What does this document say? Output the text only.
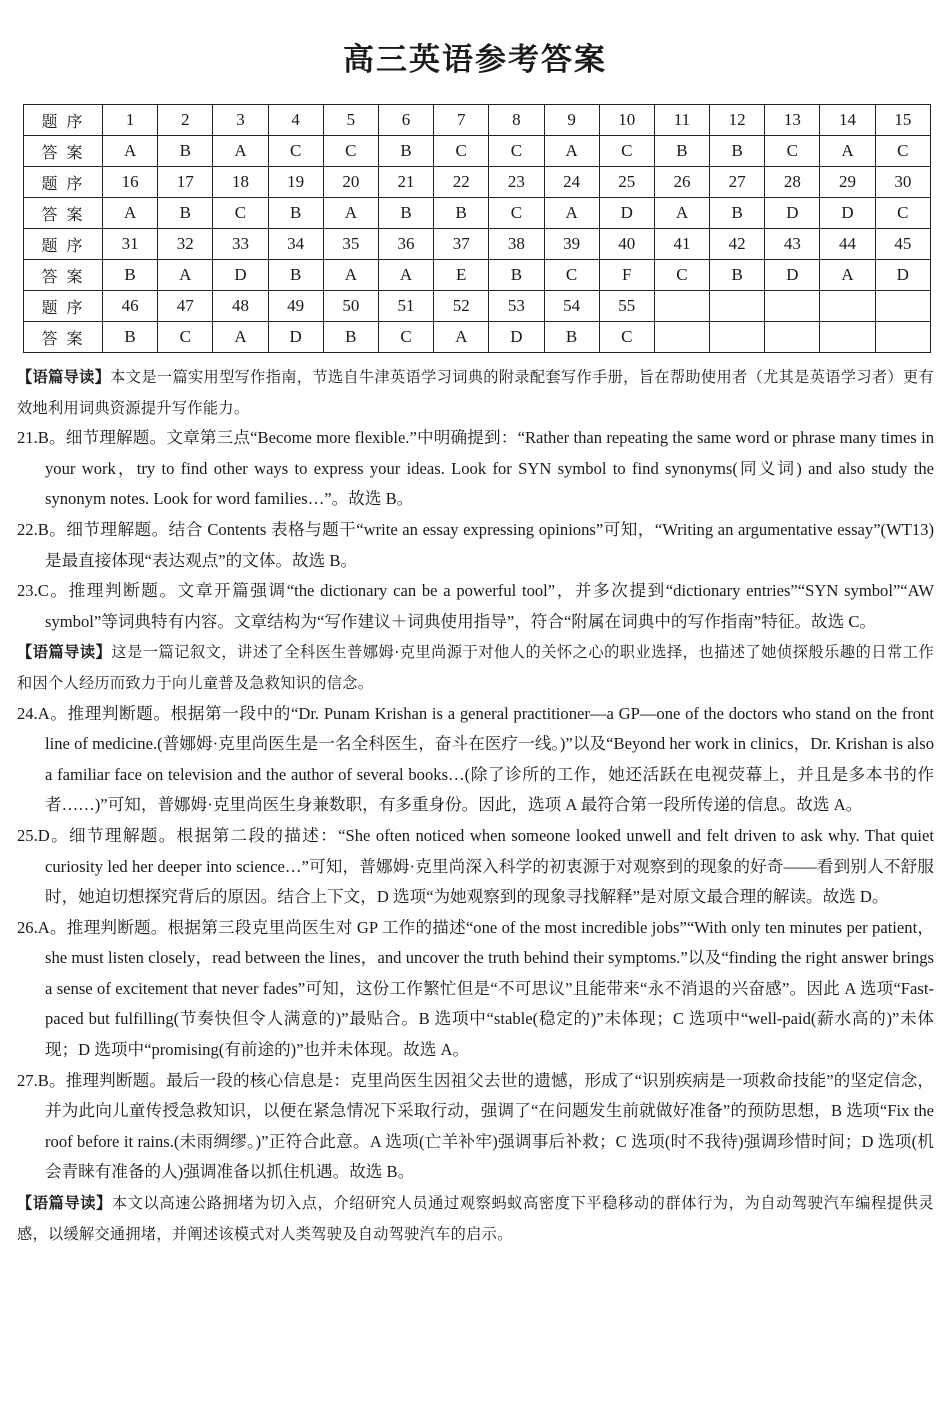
高三英语参考答案
题 序	1	2	3	4	5	6	7	8	9	10	11	12	13	14	15
答 案	A	B	A	C	C	B	C	C	A	C	B	B	C	A	C
题 序	16	17	18	19	20	21	22	23	24	25	26	27	28	29	30
答 案	A	B	C	B	A	B	B	C	A	D	A	B	D	D	C
题 序	31	32	33	34	35	36	37	38	39	40	41	42	43	44	45
答 案	B	A	D	B	A	A	E	B	C	F	C	B	D	A	D
题 序	46	47	48	49	50	51	52	53	54	55					
答 案	B	C	A	D	B	C	A	D	B	C					

【语篇导读】本文是一篇实用型写作指南，节选自牛津英语学习词典的附录配套写作手册，旨在帮助使用者（尤其是英语学习者）更有效地利用词典资源提升写作能力。

21.B。细节理解题。文章第三点“Become more flexible.”中明确提到：“Rather than repeating the same word or phrase many times in your work，try to find other ways to express your ideas. Look for SYN symbol to find synonyms(同义词) and also study the synonym notes. Look for word families…”。故选 B。

22.B。细节理解题。结合 Contents 表格与题干“write an essay expressing opinions”可知，“Writing an argumentative essay”(WT13)是最直接体现“表达观点”的文体。故选 B。

23.C。推理判断题。文章开篇强调“the dictionary can be a powerful tool”，并多次提到“dictionary entries”“SYN symbol”“AW symbol”等词典特有内容。文章结构为“写作建议＋词典使用指导”，符合“附属在词典中的写作指南”特征。故选 C。

【语篇导读】这是一篇记叙文，讲述了全科医生普娜姆·克里尚源于对他人的关怀之心的职业选择，也描述了她侦探般乐趣的日常工作和因个人经历而致力于向儿童普及急救知识的信念。

24.A。推理判断题。根据第一段中的“Dr. Punam Krishan is a general practitioner—a GP—one of the doctors who stand on the front line of medicine.(普娜姆·克里尚医生是一名全科医生，奋斗在医疗一线。)”以及“Beyond her work in clinics，Dr. Krishan is also a familiar face on television and the author of several books…(除了诊所的工作，她还活跃在电视荧幕上，并且是多本书的作者……)”可知，普娜姆·克里尚医生身兼数职，有多重身份。因此，选项 A 最符合第一段所传递的信息。故选 A。

25.D。细节理解题。根据第二段的描述：“She often noticed when someone looked unwell and felt driven to ask why. That quiet curiosity led her deeper into science…”可知，普娜姆·克里尚深入科学的初衷源于对观察到的现象的好奇——看到别人不舒服时，她迫切想探究背后的原因。结合上下文，D 选项“为她观察到的现象寻找解释”是对原文最合理的解读。故选 D。

26.A。推理判断题。根据第三段克里尚医生对 GP 工作的描述“one of the most incredible jobs”“With only ten minutes per patient，she must listen closely，read between the lines，and uncover the truth behind their symptoms.”以及“finding the right answer brings a sense of excitement that never fades”可知，这份工作繁忙但是“不可思议”且能带来“永不消退的兴奋感”。因此 A 选项“Fast-paced but fulfilling(节奏快但令人满意的)”最贴合。B 选项中“stable(稳定的)”未体现；C 选项中“well-paid(薪水高的)”未体现；D 选项中“promising(有前途的)”也并未体现。故选 A。

27.B。推理判断题。最后一段的核心信息是：克里尚医生因祖父去世的遗憾，形成了“识别疾病是一项救命技能”的坚定信念，并为此向儿童传授急救知识，以便在紧急情况下采取行动，强调了“在问题发生前就做好准备”的预防思想，B 选项“Fix the roof before it rains.(未雨绸缪。)”正符合此意。A 选项(亡羊补牢)强调事后补救；C 选项(时不我待)强调珍惜时间；D 选项(机会青睐有准备的人)强调准备以抓住机遇。故选 B。

【语篇导读】本文以高速公路拥堵为切入点，介绍研究人员通过观察蚂蚁高密度下平稳移动的群体行为，为自动驾驶汽车编程提供灵感，以缓解交通拥堵，并阐述该模式对人类驾驶及自动驾驶汽车的启示。
